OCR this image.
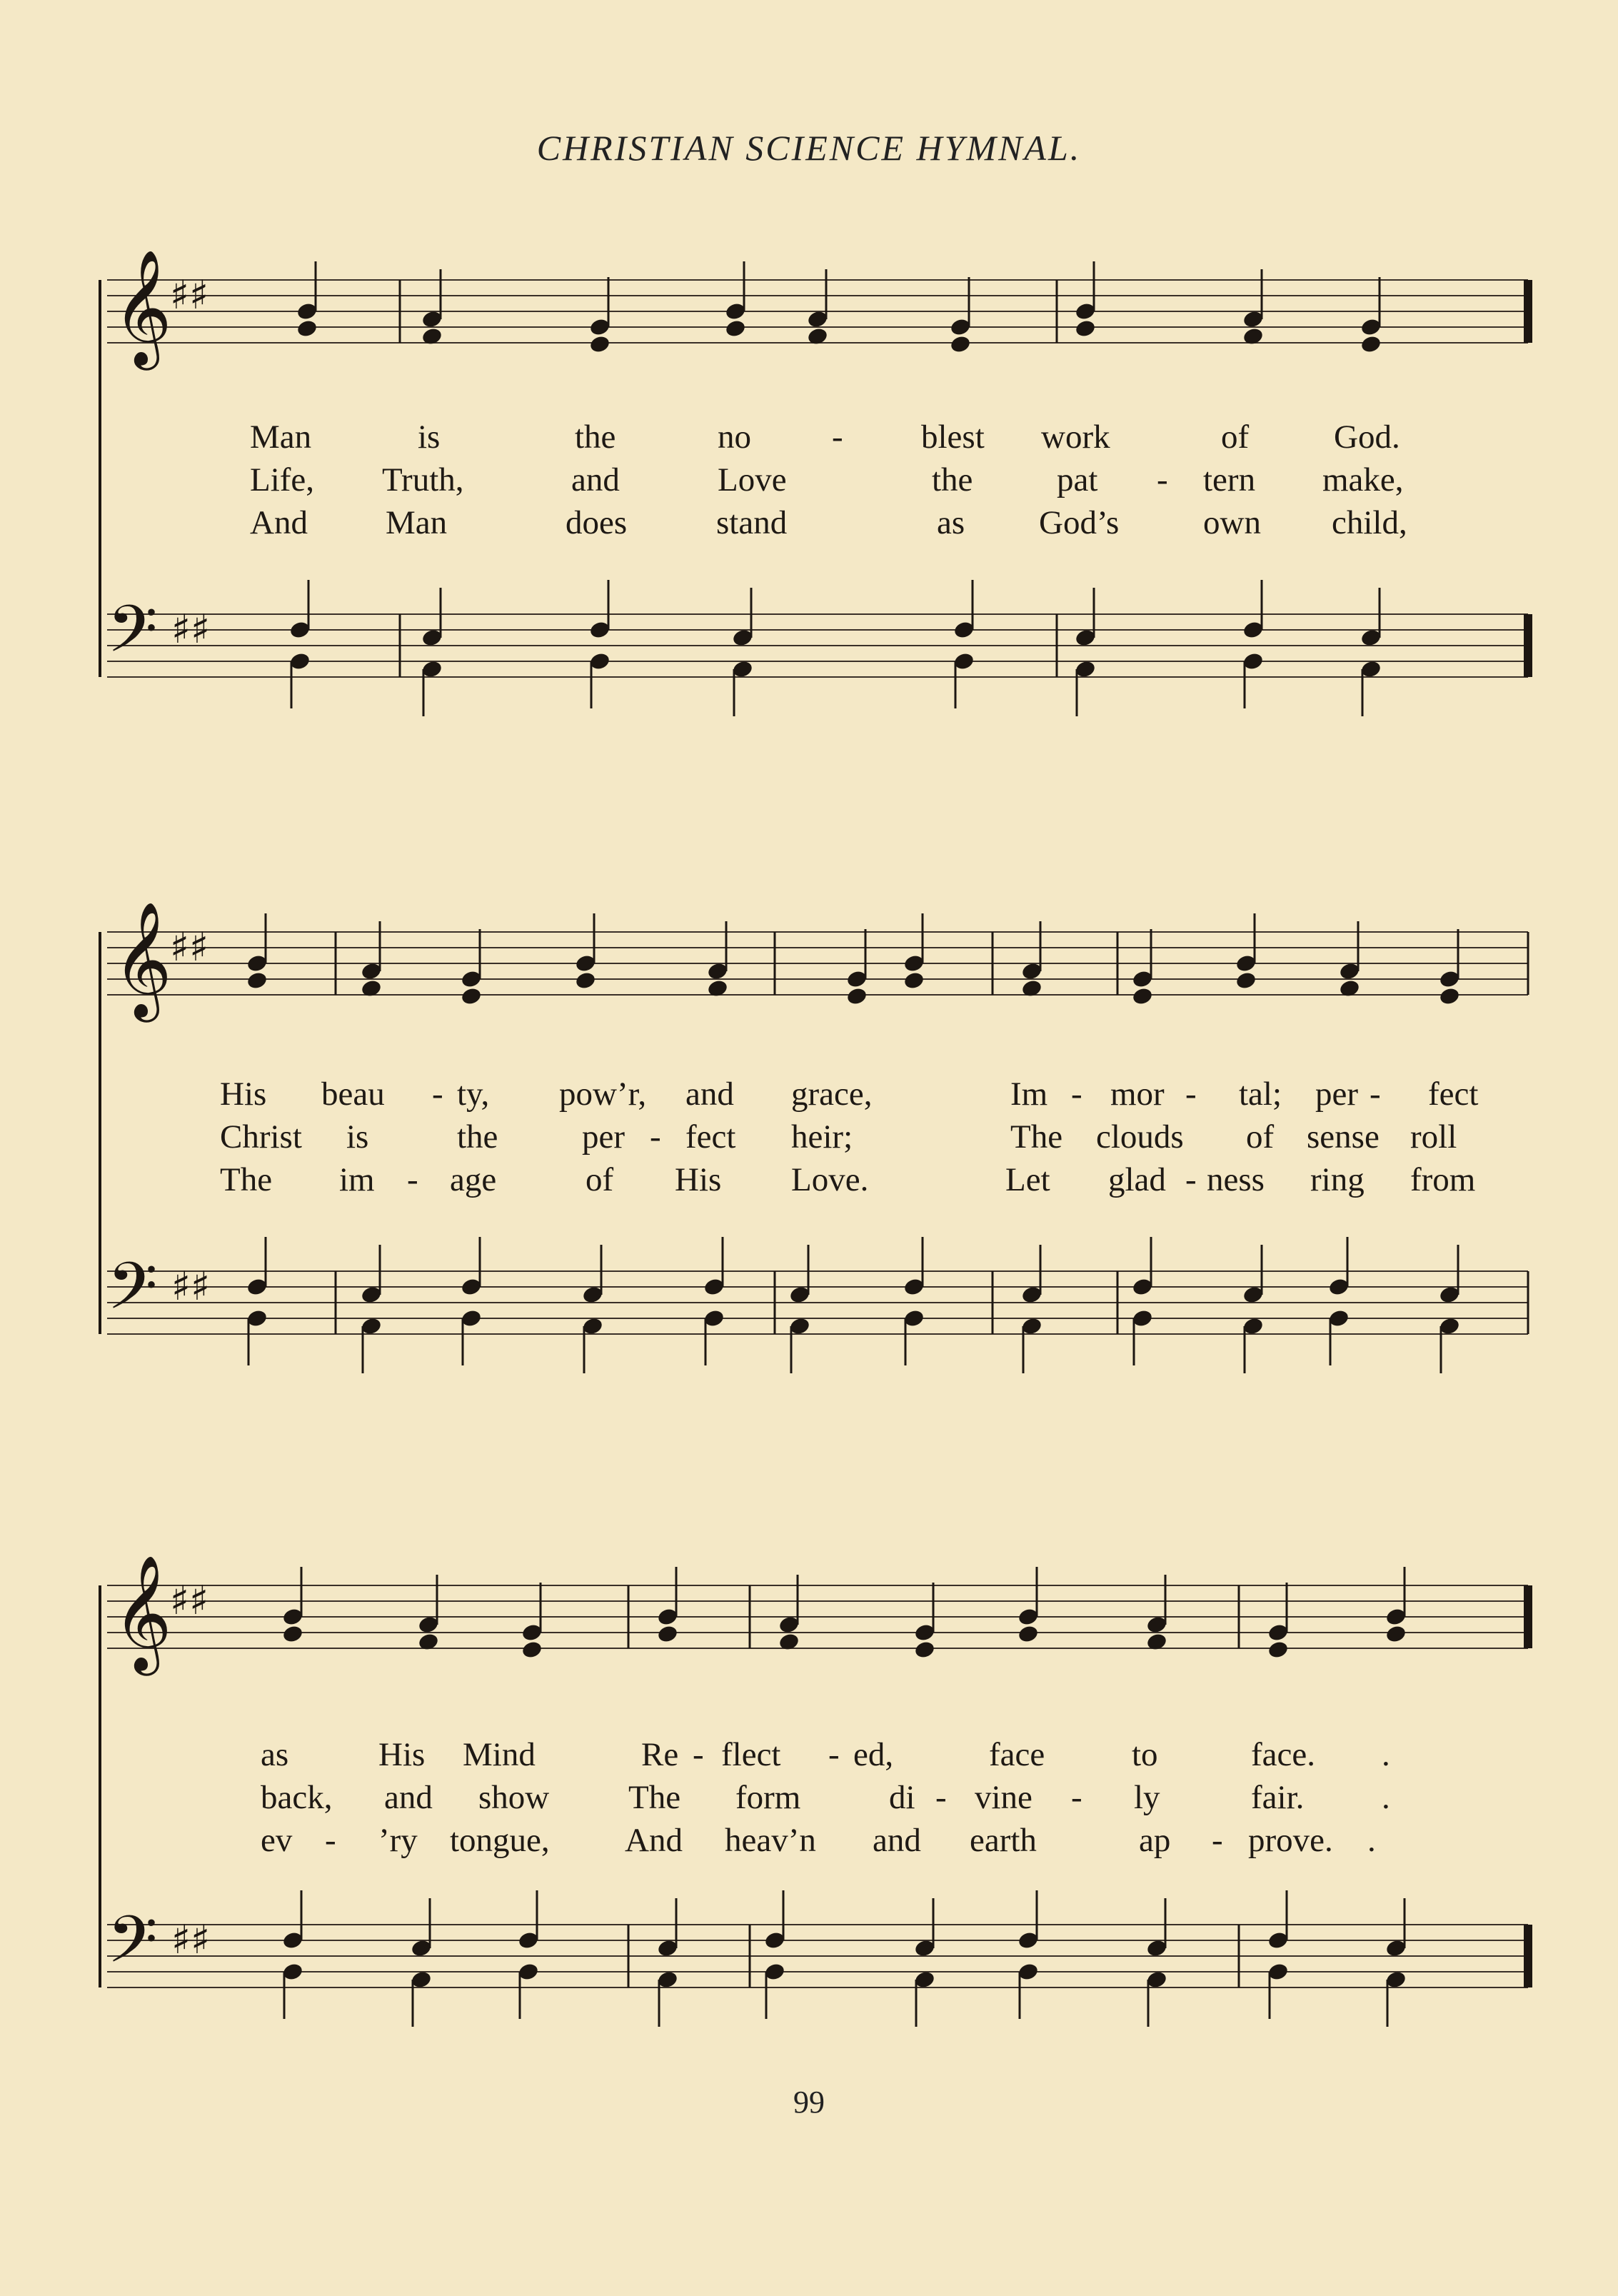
CHRISTIAN SCIENCE HYMNAL.
𝄞
♯♯
𝄢 ♯♯
𝄞
♯♯
𝄢 ♯♯
𝄞
♯♯
𝄢 ♯♯
Man	is	the	no - blest work	of	God.
Life, Truth,	and	Love	the	pat - tern make,
And Man	does	stand	as God’s	own child,
His beau - ty, pow’r, and grace,	Im - mor - tal; per - fect
Christ is	the	per - fect heir;	The clouds of sense roll
The im - age	of His Love.	Let glad - ness ring from
as	His Mind	Re - flect - ed,	face	to	face. .
back, and show The form	di - vine - ly	fair. .
ev - ’ry tongue, And heav’n and earth	ap - prove. .
99
